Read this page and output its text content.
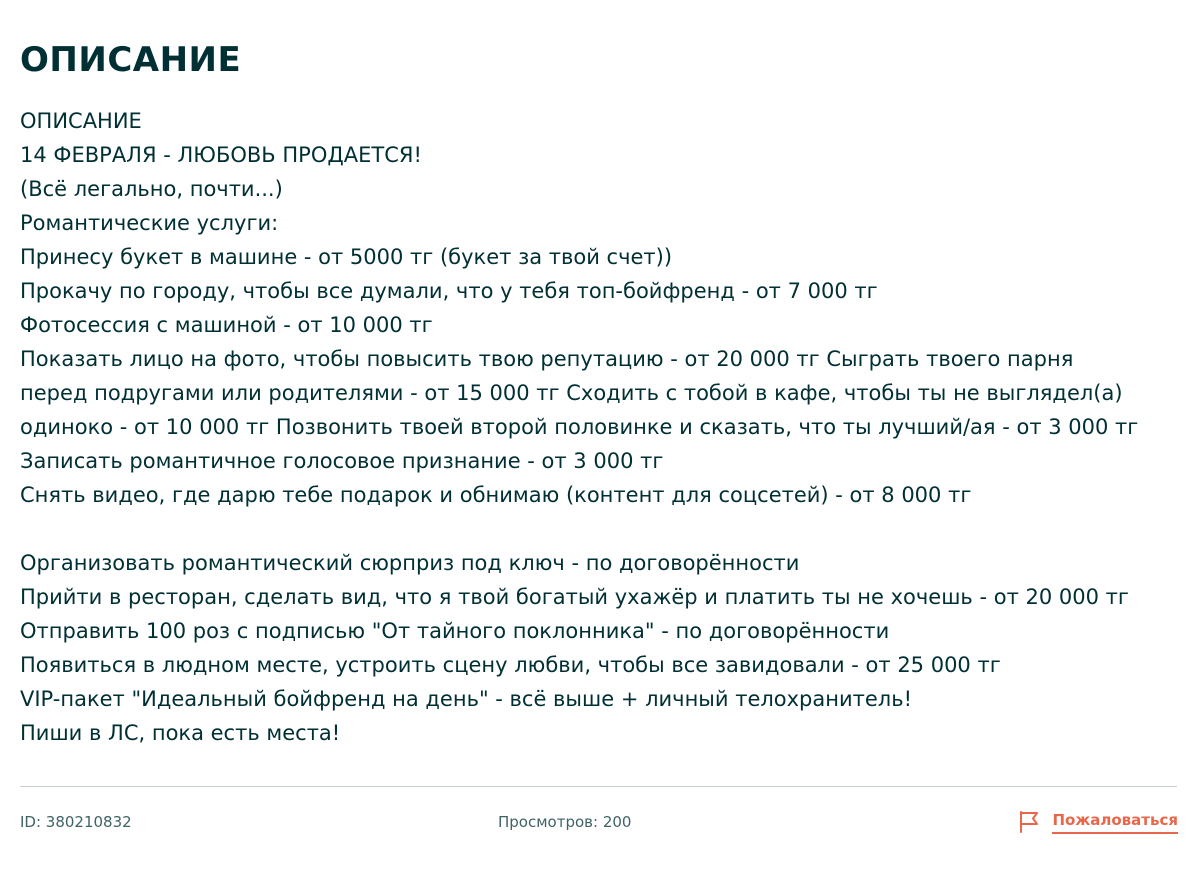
ОПИСАНИЕ
ОПИСАНИЕ
14 ФЕВРАЛЯ - ЛЮБОВЬ ПРОДАЕТСЯ!
(Всё легально, почти...)
Романтические услуги:
Принесу букет в машине - от 5000 тг (букет за твой счет))
Прокачу по городу, чтобы все думали, что у тебя топ-бойфренд - от 7 000 тг
Фотосессия с машиной - от 10 000 тг
Показать лицо на фото, чтобы повысить твою репутацию - от 20 000 тг Сыграть твоего парня
перед подругами или родителями - от 15 000 тг Сходить с тобой в кафе, чтобы ты не выглядел(а)
одиноко - от 10 000 тг Позвонить твоей второй половинке и сказать, что ты лучший/ая - от 3 000 тг
Записать романтичное голосовое признание - от 3 000 тг
Снять видео, где дарю тебе подарок и обнимаю (контент для соцсетей) - от 8 000 тг
Организовать романтический сюрприз под ключ - по договорённости
Прийти в ресторан, сделать вид, что я твой богатый ухажёр и платить ты не хочешь - от 20 000 тг
Отправить 100 роз с подписью "От тайного поклонника" - по договорённости
Появиться в людном месте, устроить сцену любви, чтобы все завидовали - от 25 000 тг
VIP-пакет "Идеальный бойфренд на день" - всё выше + личный телохранитель!
Пиши в ЛС, пока есть места!
ID: 380210832	Просмотров: 200	Пожаловаться
